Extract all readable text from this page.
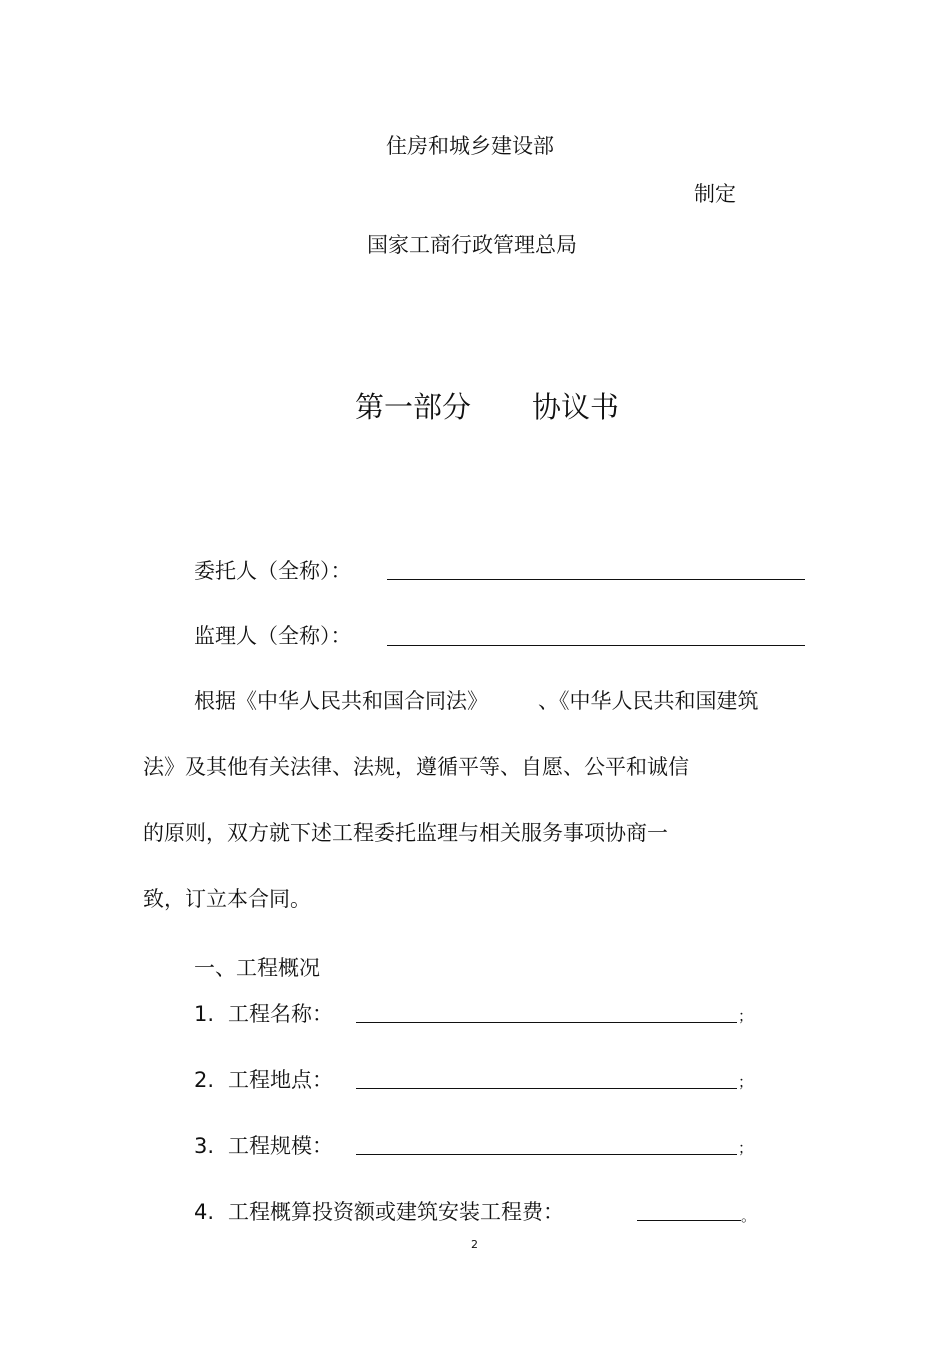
住房和城乡建设部
制定
国家工商行政管理总局
第一部分 协议书
委托人（全称）：
监理人（全称）：
根据《中华人民共和国合同法》 、《中华人民共和国建筑
法》及其他有关法律、法规，遵循平等、自愿、公平和诚信
的原则，双方就下述工程委托监理与相关服务事项协商一
致，订立本合同。
一、工程概况
1. 工程名称：	；
2. 工程地点：	；
3. 工程规模：	；
4. 工程概算投资额或建筑安装工程费：	。
2
